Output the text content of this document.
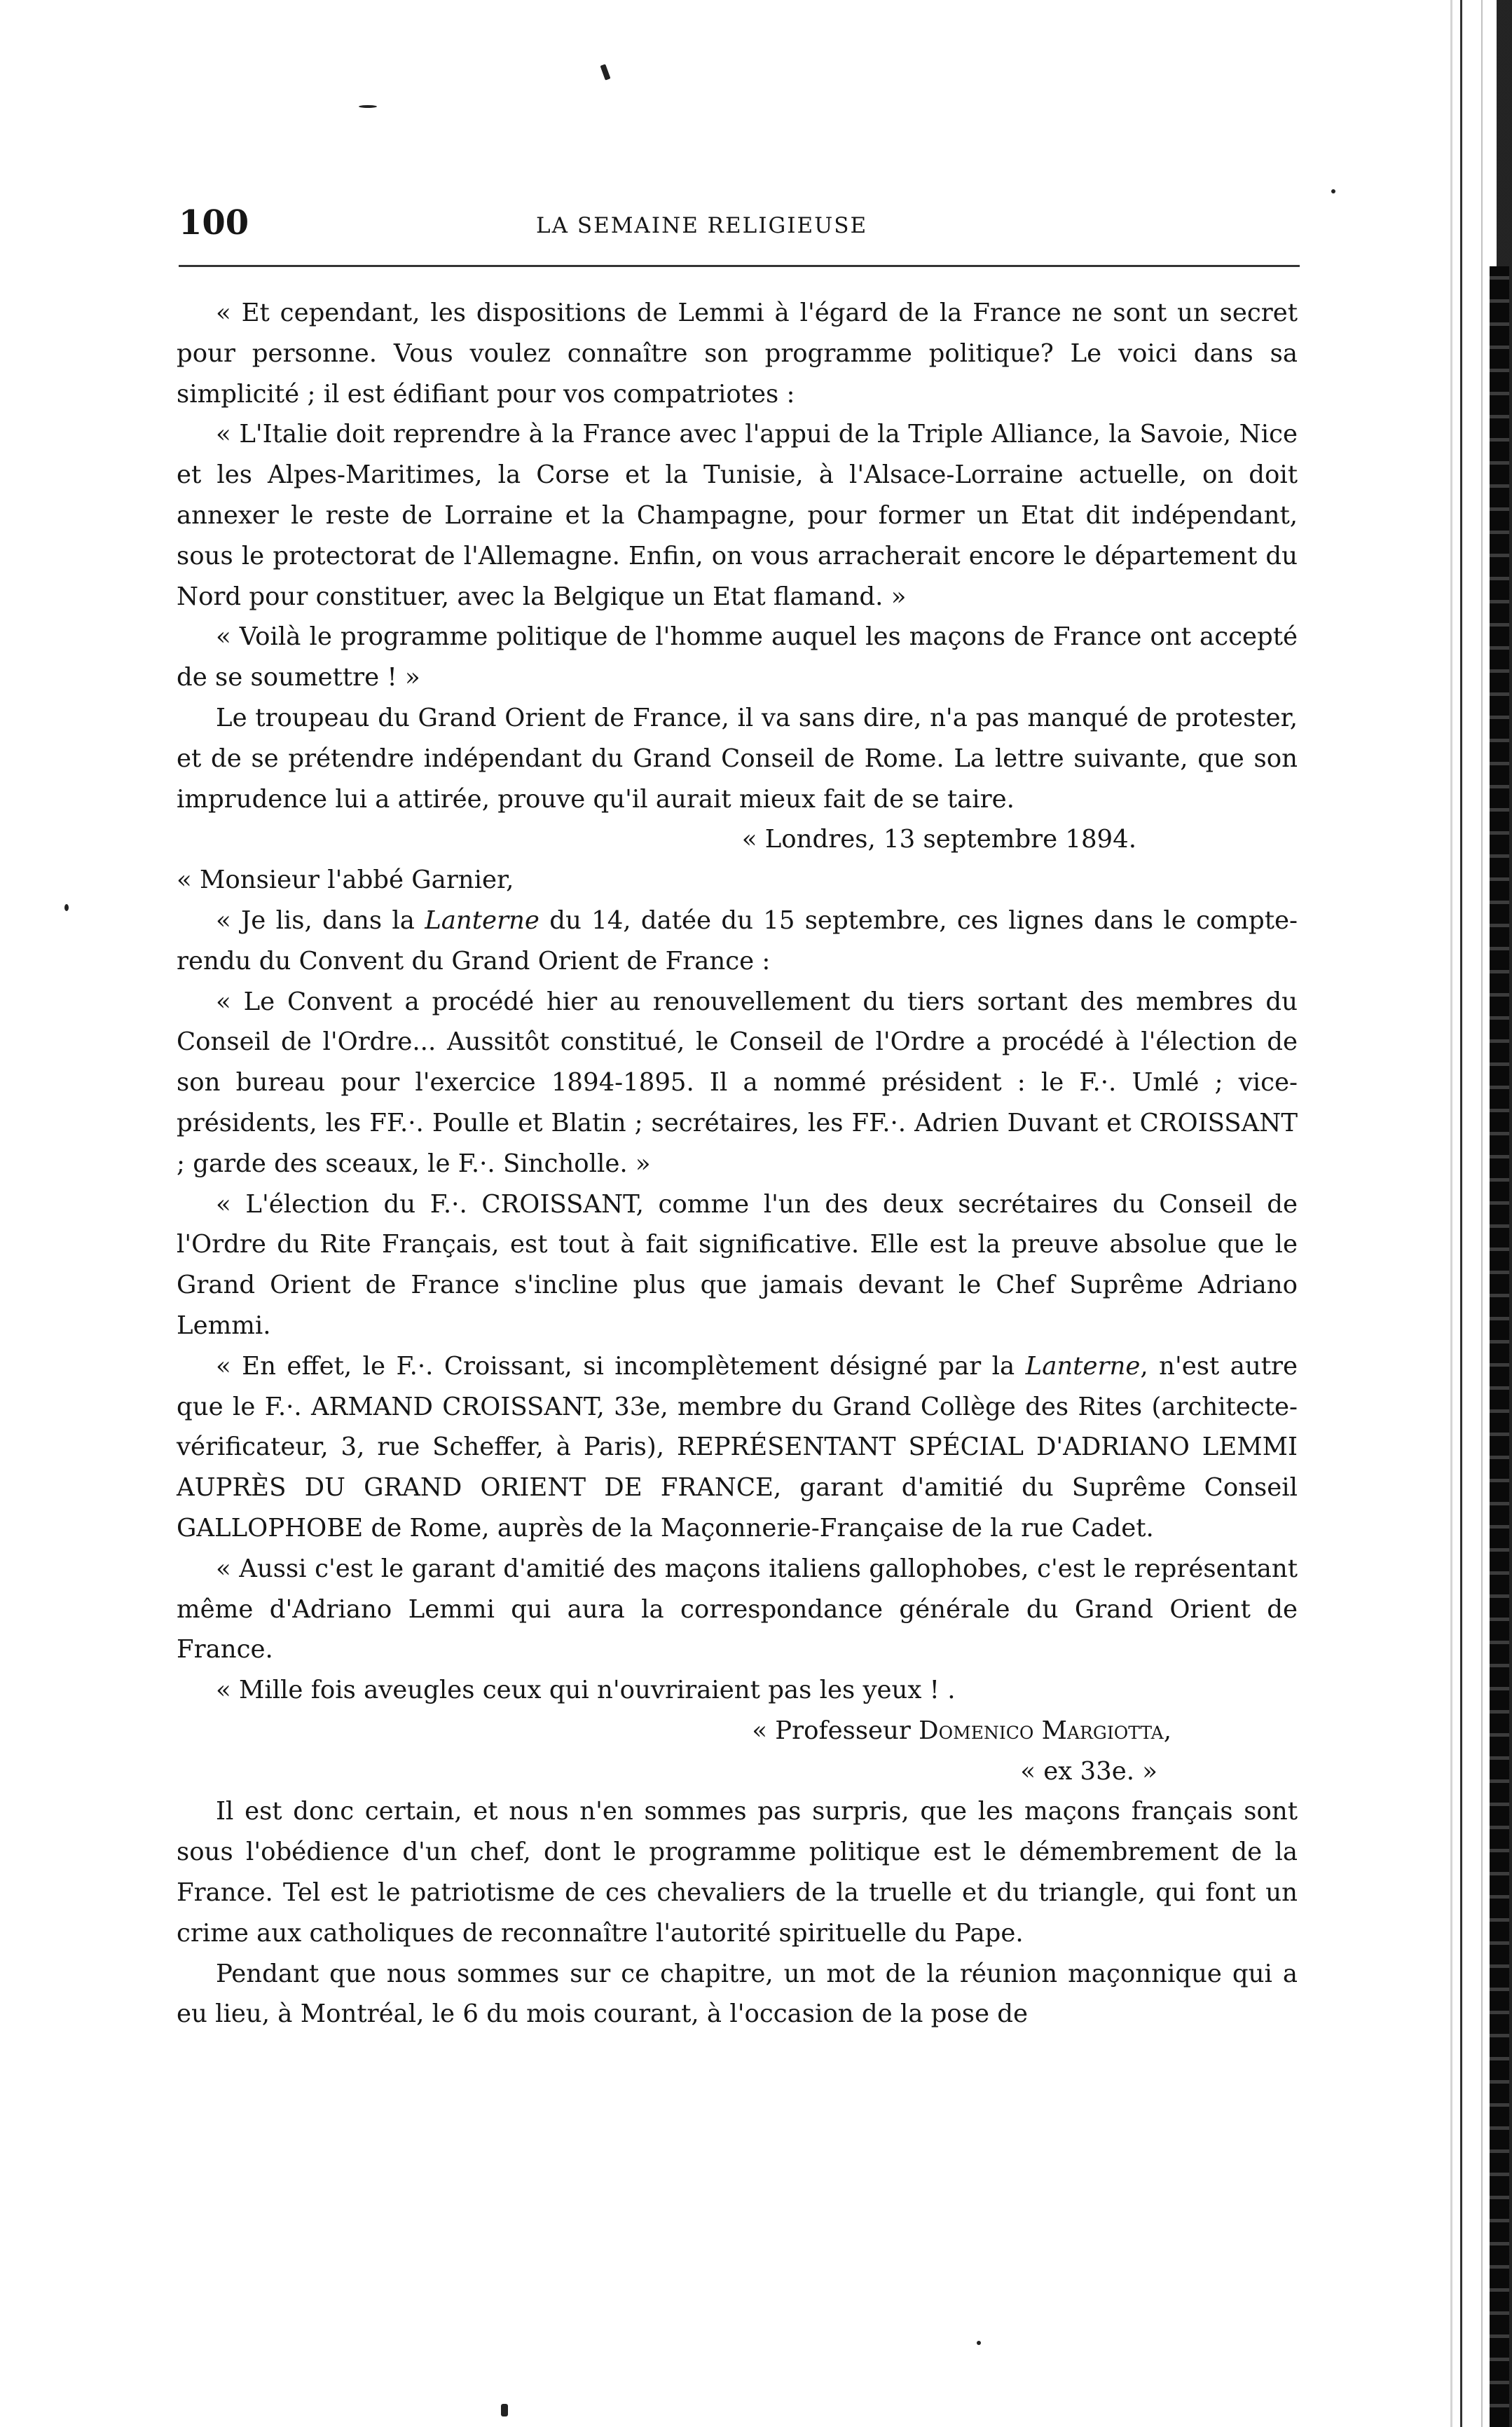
100	LA SEMAINE RELIGIEUSE

« Et cependant, les dispositions de Lemmi à l'égard de la France ne sont un secret pour personne. Vous voulez connaître son programme politique? Le voici dans sa simplicité ; il est édifiant pour vos compatriotes :

« L'Italie doit reprendre à la France avec l'appui de la Triple Alliance, la Savoie, Nice et les Alpes-Maritimes, la Corse et la Tunisie, à l'Alsace-Lorraine actuelle, on doit annexer le reste de Lorraine et la Champagne, pour former un Etat dit indépendant, sous le protectorat de l'Allemagne. Enfin, on vous arracherait encore le département du Nord pour constituer, avec la Belgique un Etat flamand. »

« Voilà le programme politique de l'homme auquel les maçons de France ont accepté de se soumettre ! »

Le troupeau du Grand Orient de France, il va sans dire, n'a pas manqué de protester, et de se prétendre indépendant du Grand Conseil de Rome. La lettre suivante, que son imprudence lui a attirée, prouve qu'il aurait mieux fait de se taire.

« Londres, 13 septembre 1894.

« Monsieur l'abbé Garnier,

« Je lis, dans la Lanterne du 14, datée du 15 septembre, ces lignes dans le compte-rendu du Convent du Grand Orient de France :

« Le Convent a procédé hier au renouvellement du tiers sortant des membres du Conseil de l'Ordre... Aussitôt constitué, le Conseil de l'Ordre a procédé à l'élection de son bureau pour l'exercice 1894-1895. Il a nommé président : le F.·. Umlé ; vice-présidents, les FF.·. Poulle et Blatin ; secrétaires, les FF.·. Adrien Duvant et CROISSANT ; garde des sceaux, le F.·. Sincholle. »

« L'élection du F.·. CROISSANT, comme l'un des deux secrétaires du Conseil de l'Ordre du Rite Français, est tout à fait significative. Elle est la preuve absolue que le Grand Orient de France s'incline plus que jamais devant le Chef Suprême Adriano Lemmi.

« En effet, le F.·. Croissant, si incomplètement désigné par la Lanterne, n'est autre que le F.·. ARMAND CROISSANT, 33e, membre du Grand Collège des Rites (architecte-vérificateur, 3, rue Scheffer, à Paris), REPRÉSENTANT SPÉCIAL D'ADRIANO LEMMI AUPRÈS DU GRAND ORIENT DE FRANCE, garant d'amitié du Suprême Conseil GALLOPHOBE de Rome, auprès de la Maçonnerie-Française de la rue Cadet.

« Aussi c'est le garant d'amitié des maçons italiens gallophobes, c'est le représentant même d'Adriano Lemmi qui aura la correspondance générale du Grand Orient de France.

« Mille fois aveugles ceux qui n'ouvriraient pas les yeux ! .

« Professeur Domenico Margiotta,

« ex 33e. »

Il est donc certain, et nous n'en sommes pas surpris, que les maçons français sont sous l'obédience d'un chef, dont le programme politique est le démembrement de la France. Tel est le patriotisme de ces chevaliers de la truelle et du triangle, qui font un crime aux catholiques de reconnaître l'autorité spirituelle du Pape.

Pendant que nous sommes sur ce chapitre, un mot de la réunion maçonnique qui a eu lieu, à Montréal, le 6 du mois courant, à l'occasion de la pose de
